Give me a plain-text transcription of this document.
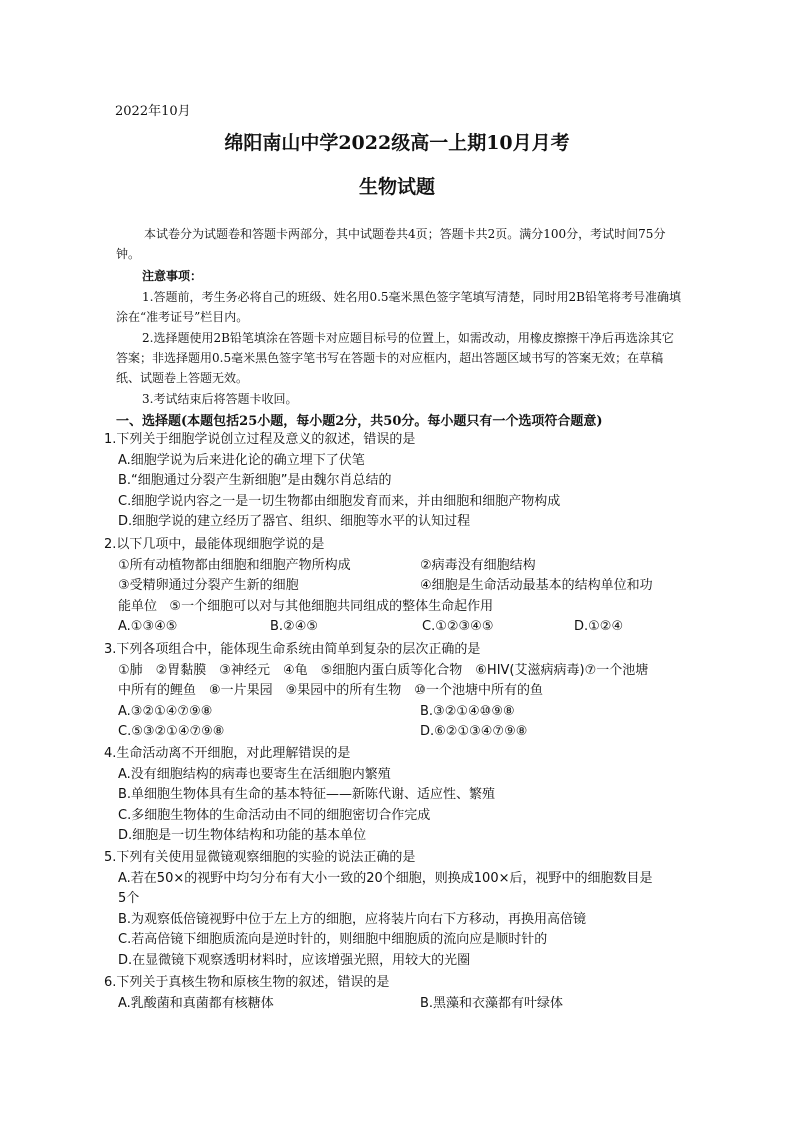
2022年10月
绵阳南山中学2022级高一上期10月月考
生物试题
本试卷分为试题卷和答题卡两部分，其中试题卷共4页；答题卡共2页。满分100分，考试时间75分钟。
注意事项：
1.答题前，考生务必将自己的班级、姓名用0.5毫米黑色签字笔填写清楚，同时用2B铅笔将考号准确填涂在“准考证号”栏目内。
2.选择题使用2B铅笔填涂在答题卡对应题目标号的位置上，如需改动，用橡皮擦擦干净后再选涂其它答案；非选择题用0.5毫米黑色签字笔书写在答题卡的对应框内，超出答题区域书写的答案无效；在草稿纸、试题卷上答题无效。
3.考试结束后将答题卡收回。
一、选择题(本题包括25小题，每小题2分，共50分。每小题只有一个选项符合题意)
1.下列关于细胞学说创立过程及意义的叙述，错误的是
A.细胞学说为后来进化论的确立埋下了伏笔
B.“细胞通过分裂产生新细胞”是由魏尔肖总结的
C.细胞学说内容之一是一切生物都由细胞发育而来，并由细胞和细胞产物构成
D.细胞学说的建立经历了器官、组织、细胞等水平的认知过程
2.以下几项中，最能体现细胞学说的是
①所有动植物都由细胞和细胞产物所构成	②病毒没有细胞结构
③受精卵通过分裂产生新的细胞	④细胞是生命活动最基本的结构单位和功
能单位 ⑤一个细胞可以对与其他细胞共同组成的整体生命起作用
A.①③④⑤	B.②④⑤	C.①②③④⑤	D.①②④
3.下列各项组合中，能体现生命系统由简单到复杂的层次正确的是
①肺　②胃黏膜　③神经元　④龟　⑤细胞内蛋白质等化合物　⑥HIV(艾滋病病毒)⑦一个池塘
中所有的鲤鱼　⑧一片果园　⑨果园中的所有生物　⑩一个池塘中所有的鱼
A.③②①④⑦⑨⑧	B.③②①④⑩⑨⑧
C.⑤③②①④⑦⑨⑧	D.⑥②①③④⑦⑨⑧
4.生命活动离不开细胞，对此理解错误的是
A.没有细胞结构的病毒也要寄生在活细胞内繁殖
B.单细胞生物体具有生命的基本特征——新陈代谢、适应性、繁殖
C.多细胞生物体的生命活动由不同的细胞密切合作完成
D.细胞是一切生物体结构和功能的基本单位
5.下列有关使用显微镜观察细胞的实验的说法正确的是
A.若在50×的视野中均匀分布有大小一致的20个细胞，则换成100×后，视野中的细胞数目是
5个
B.为观察低倍镜视野中位于左上方的细胞，应将装片向右下方移动，再换用高倍镜
C.若高倍镜下细胞质流向是逆时针的，则细胞中细胞质的流向应是顺时针的
D.在显微镜下观察透明材料时，应该增强光照，用较大的光圈
6.下列关于真核生物和原核生物的叙述，错误的是
A.乳酸菌和真菌都有核糖体	B.黑藻和衣藻都有叶绿体
